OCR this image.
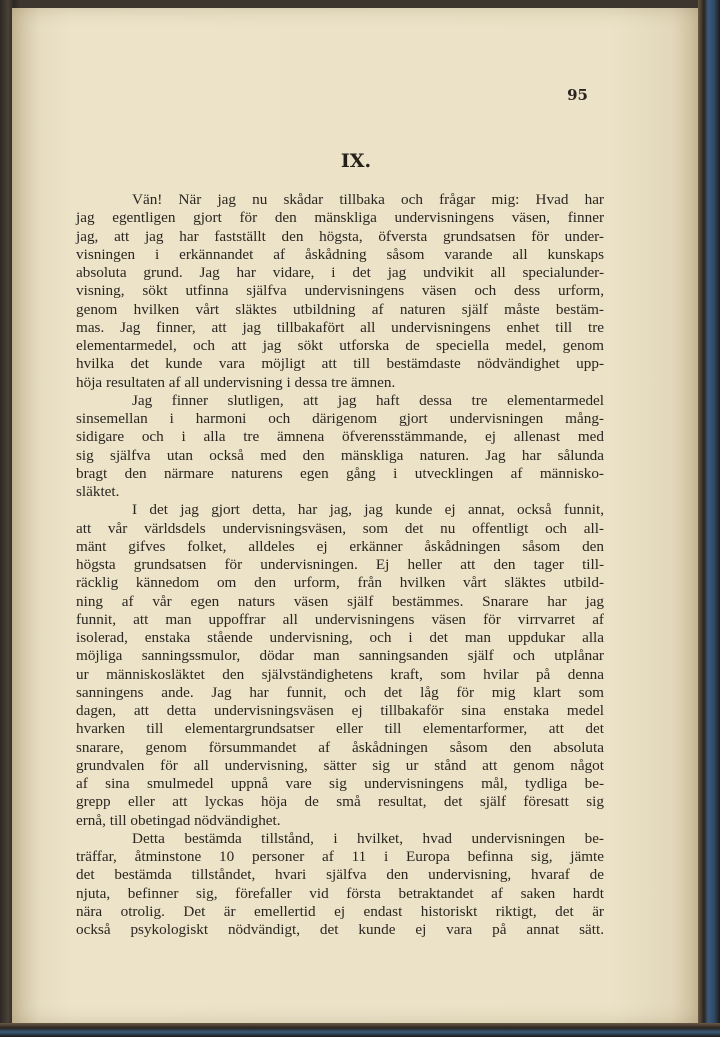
95
IX.
Vän! När jag nu skådar tillbaka och frågar mig: Hvad har
jag egentligen gjort för den mänskliga undervisningens väsen, finner
jag, att jag har fastställt den högsta, öfversta grundsatsen för under-
visningen i erkännandet af åskådning såsom varande all kunskaps
absoluta grund. Jag har vidare, i det jag undvikit all specialunder-
visning, sökt utfinna själfva undervisningens väsen och dess urform,
genom hvilken vårt släktes utbildning af naturen själf måste bestäm-
mas. Jag finner, att jag tillbakafört all undervisningens enhet till tre
elementarmedel, och att jag sökt utforska de speciella medel, genom
hvilka det kunde vara möjligt att till bestämdaste nödvändighet upp-
höja resultaten af all undervisning i dessa tre ämnen.
Jag finner slutligen, att jag haft dessa tre elementarmedel
sinsemellan i harmoni och därigenom gjort undervisningen mång-
sidigare och i alla tre ämnena öfverensstämmande, ej allenast med
sig själfva utan också med den mänskliga naturen. Jag har sålunda
bragt den närmare naturens egen gång i utvecklingen af människo-
släktet.
I det jag gjort detta, har jag, jag kunde ej annat, också funnit,
att vår världsdels undervisningsväsen, som det nu offentligt och all-
mänt gifves folket, alldeles ej erkänner åskådningen såsom den
högsta grundsatsen för undervisningen. Ej heller att den tager till-
räcklig kännedom om den urform, från hvilken vårt släktes utbild-
ning af vår egen naturs väsen själf bestämmes. Snarare har jag
funnit, att man uppoffrar all undervisningens väsen för virrvarret af
isolerad, enstaka stående undervisning, och i det man uppdukar alla
möjliga sanningssmulor, dödar man sanningsanden själf och utplånar
ur människosläktet den självständighetens kraft, som hvilar på denna
sanningens ande. Jag har funnit, och det låg för mig klart som
dagen, att detta undervisningsväsen ej tillbakaför sina enstaka medel
hvarken till elementargrundsatser eller till elementarformer, att det
snarare, genom försummandet af åskådningen såsom den absoluta
grundvalen för all undervisning, sätter sig ur stånd att genom något
af sina smulmedel uppnå vare sig undervisningens mål, tydliga be-
grepp eller att lyckas höja de små resultat, det själf föresatt sig
ernå, till obetingad nödvändighet.
Detta bestämda tillstånd, i hvilket, hvad undervisningen be-
träffar, åtminstone 10 personer af 11 i Europa befinna sig, jämte
det bestämda tillståndet, hvari själfva den undervisning, hvaraf de
njuta, befinner sig, förefaller vid första betraktandet af saken hardt
nära otrolig. Det är emellertid ej endast historiskt riktigt, det är
också psykologiskt nödvändigt, det kunde ej vara på annat sätt.
